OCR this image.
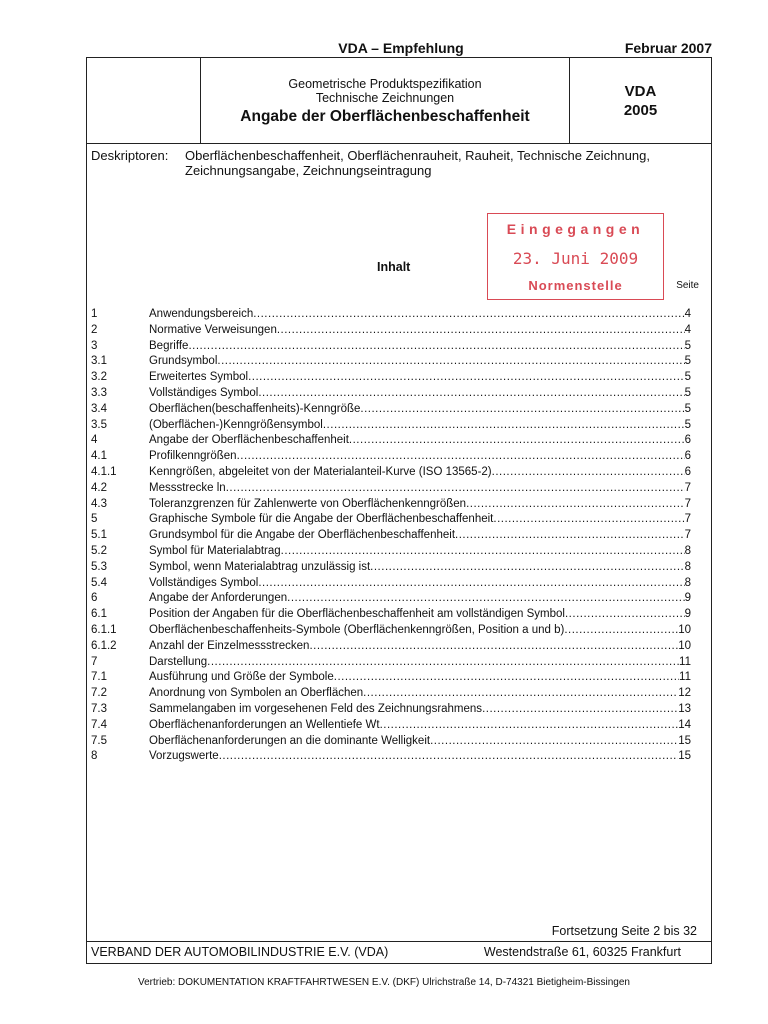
VDA – Empfehlung	Februar 2007
Geometrische Produktspezifikation
Technische Zeichnungen
Angabe der Oberflächenbeschaffenheit
VDA
2005
Deskriptoren: Oberflächenbeschaffenheit, Oberflächenrauheit, Rauheit, Technische Zeichnung, Zeichnungsangabe, Zeichnungseintragung
Eingegangen
23. Juni 2009
Normenstelle
Inhalt
Seite
1	Anwendungsbereich .....	4
2	Normative Verweisungen .....	4
3	Begriffe .....	5
3.1	Grundsymbol .....	5
3.2	Erweitertes Symbol .....	5
3.3	Vollständiges Symbol .....	5
3.4	Oberflächen(beschaffenheits)-Kenngröße .....	5
3.5	(Oberflächen-)Kenngrößensymbol .....	5
4	Angabe der Oberflächenbeschaffenheit .....	6
4.1	Profilkenngrößen .....	6
4.1.1	Kenngrößen, abgeleitet von der Materialanteil-Kurve (ISO 13565-2) .....	6
4.2	Messstrecke ln .....	7
4.3	Toleranzgrenzen für Zahlenwerte von Oberflächenkenngrößen .....	7
5	Graphische Symbole für die Angabe der Oberflächenbeschaffenheit .....	7
5.1	Grundsymbol für die Angabe der Oberflächenbeschaffenheit .....	7
5.2	Symbol für Materialabtrag .....	8
5.3	Symbol, wenn Materialabtrag unzulässig ist .....	8
5.4	Vollständiges Symbol .....	8
6	Angabe der Anforderungen .....	9
6.1	Position der Angaben für die Oberflächenbeschaffenheit am vollständigen Symbol .....	9
6.1.1	Oberflächenbeschaffenheits-Symbole (Oberflächenkenngrößen, Position a und b) .....	10
6.1.2	Anzahl der Einzelmessstrecken .....	10
7	Darstellung .....	11
7.1	Ausführung und Größe der Symbole .....	11
7.2	Anordnung von Symbolen an Oberflächen .....	12
7.3	Sammelangaben im vorgesehenen Feld des Zeichnungsrahmens .....	13
7.4	Oberflächenanforderungen an Wellentiefe Wt .....	14
7.5	Oberflächenanforderungen an die dominante Welligkeit .....	15
8	Vorzugswerte .....	15
Fortsetzung Seite 2 bis 32
VERBAND DER AUTOMOBILINDUSTRIE E.V. (VDA)	Westendstraße 61, 60325 Frankfurt
Vertrieb: DOKUMENTATION KRAFTFAHRTWESEN E.V. (DKF) Ulrichstraße 14, D-74321 Bietigheim-Bissingen
